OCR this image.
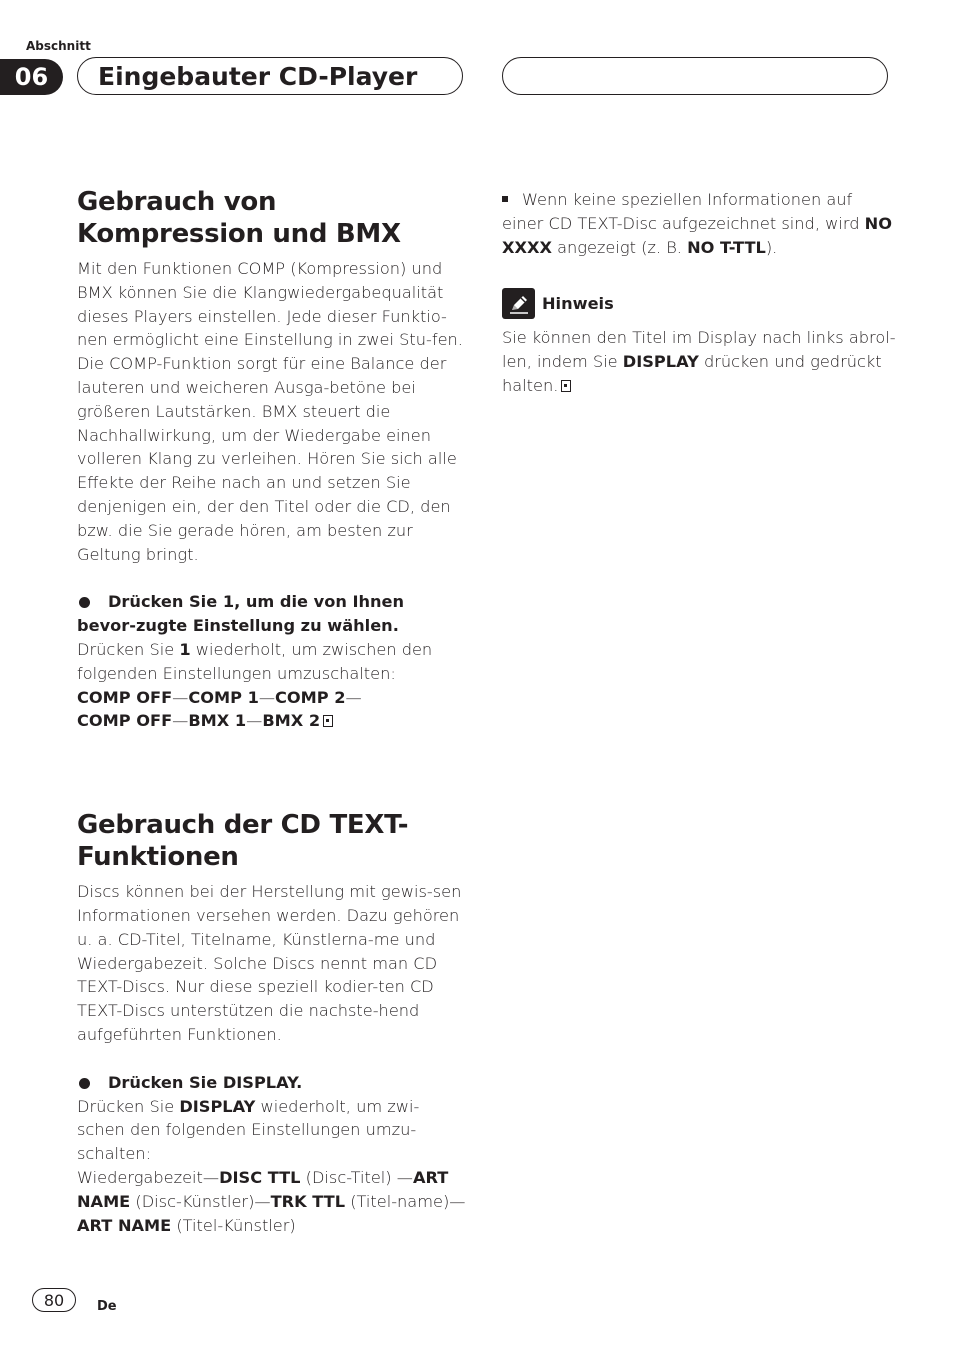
Abschnitt
06	Eingebauter CD-Player
Gebrauch von Kompression und BMX

Mit den Funktionen COMP (Kompression) und BMX können Sie die Klangwiedergabequalität dieses Players einstellen. Jede dieser Funktio-nen ermöglicht eine Einstellung in zwei Stu-fen. Die COMP-Funktion sorgt für eine Balance der lauteren und weicheren Ausga-betöne bei größeren Lautstärken. BMX steuert die Nachhallwirkung, um der Wiedergabe einen volleren Klang zu verleihen. Hören Sie sich alle Effekte der Reihe nach an und setzen Sie denjenigen ein, der den Titel oder die CD, den bzw. die Sie gerade hören, am besten zur Geltung bringt.

Drücken Sie 1, um die von Ihnen bevor-zugte Einstellung zu wählen.

Drücken Sie 1 wiederholt, um zwischen den folgenden Einstellungen umzuschalten:

COMP OFF—COMP 1—COMP 2—
COMP OFF—BMX 1—BMX 2

Gebrauch der CD TEXT-Funktionen

Discs können bei der Herstellung mit gewis-sen Informationen versehen werden. Dazu gehören u. a. CD-Titel, Titelname, Künstlerna-me und Wiedergabezeit. Solche Discs nennt man CD TEXT-Discs. Nur diese speziell kodier-ten CD TEXT-Discs unterstützen die nachste-hend aufgeführten Funktionen.

Drücken Sie DISPLAY.

Drücken Sie DISPLAY wiederholt, um zwi-schen den folgenden Einstellungen umzu-schalten:

Wiedergabezeit—DISC TTL (Disc-Titel) —ART NAME (Disc-Künstler)—TRK TTL (Titel-name)—ART NAME (Titel-Künstler)

Wenn keine speziellen Informationen auf einer CD TEXT-Disc aufgezeichnet sind, wird NO XXXX angezeigt (z. B. NO T-TTL).

Hinweis

Sie können den Titel im Display nach links abrol-len, indem Sie DISPLAY drücken und gedrückt halten.

80	De
